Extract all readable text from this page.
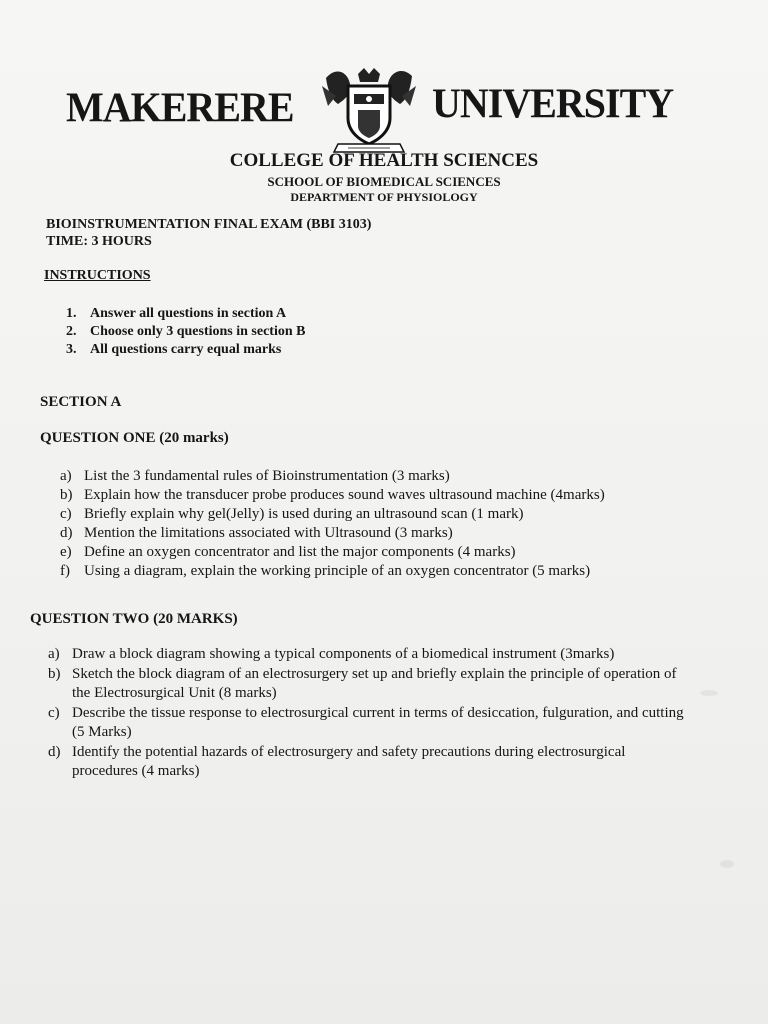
MAKERERE	UNIVERSITY
COLLEGE OF HEALTH SCIENCES
SCHOOL OF BIOMEDICAL SCIENCES
DEPARTMENT OF PHYSIOLOGY
BIOINSTRUMENTATION FINAL EXAM (BBI 3103)
TIME: 3 HOURS
INSTRUCTIONS
1. Answer all questions in section A
2. Choose only 3 questions in section B
3. All questions carry equal marks
SECTION A
QUESTION ONE (20 marks)
a) List the 3 fundamental rules of Bioinstrumentation (3 marks)
b) Explain how the transducer probe produces sound waves ultrasound machine (4marks)
c) Briefly explain why gel(Jelly) is used during an ultrasound scan (1 mark)
d) Mention the limitations associated with Ultrasound (3 marks)
e) Define an oxygen concentrator and list the major components (4 marks)
f) Using a diagram, explain the working principle of an oxygen concentrator (5 marks)
QUESTION TWO (20 MARKS)
a) Draw a block diagram showing a typical components of a biomedical instrument (3marks)
b) Sketch the block diagram of an electrosurgery set up and briefly explain the principle of operation of the Electrosurgical Unit (8 marks)
c) Describe the tissue response to electrosurgical current in terms of desiccation, fulguration, and cutting (5 Marks)
d) Identify the potential hazards of electrosurgery and safety precautions during electrosurgical procedures (4 marks)
